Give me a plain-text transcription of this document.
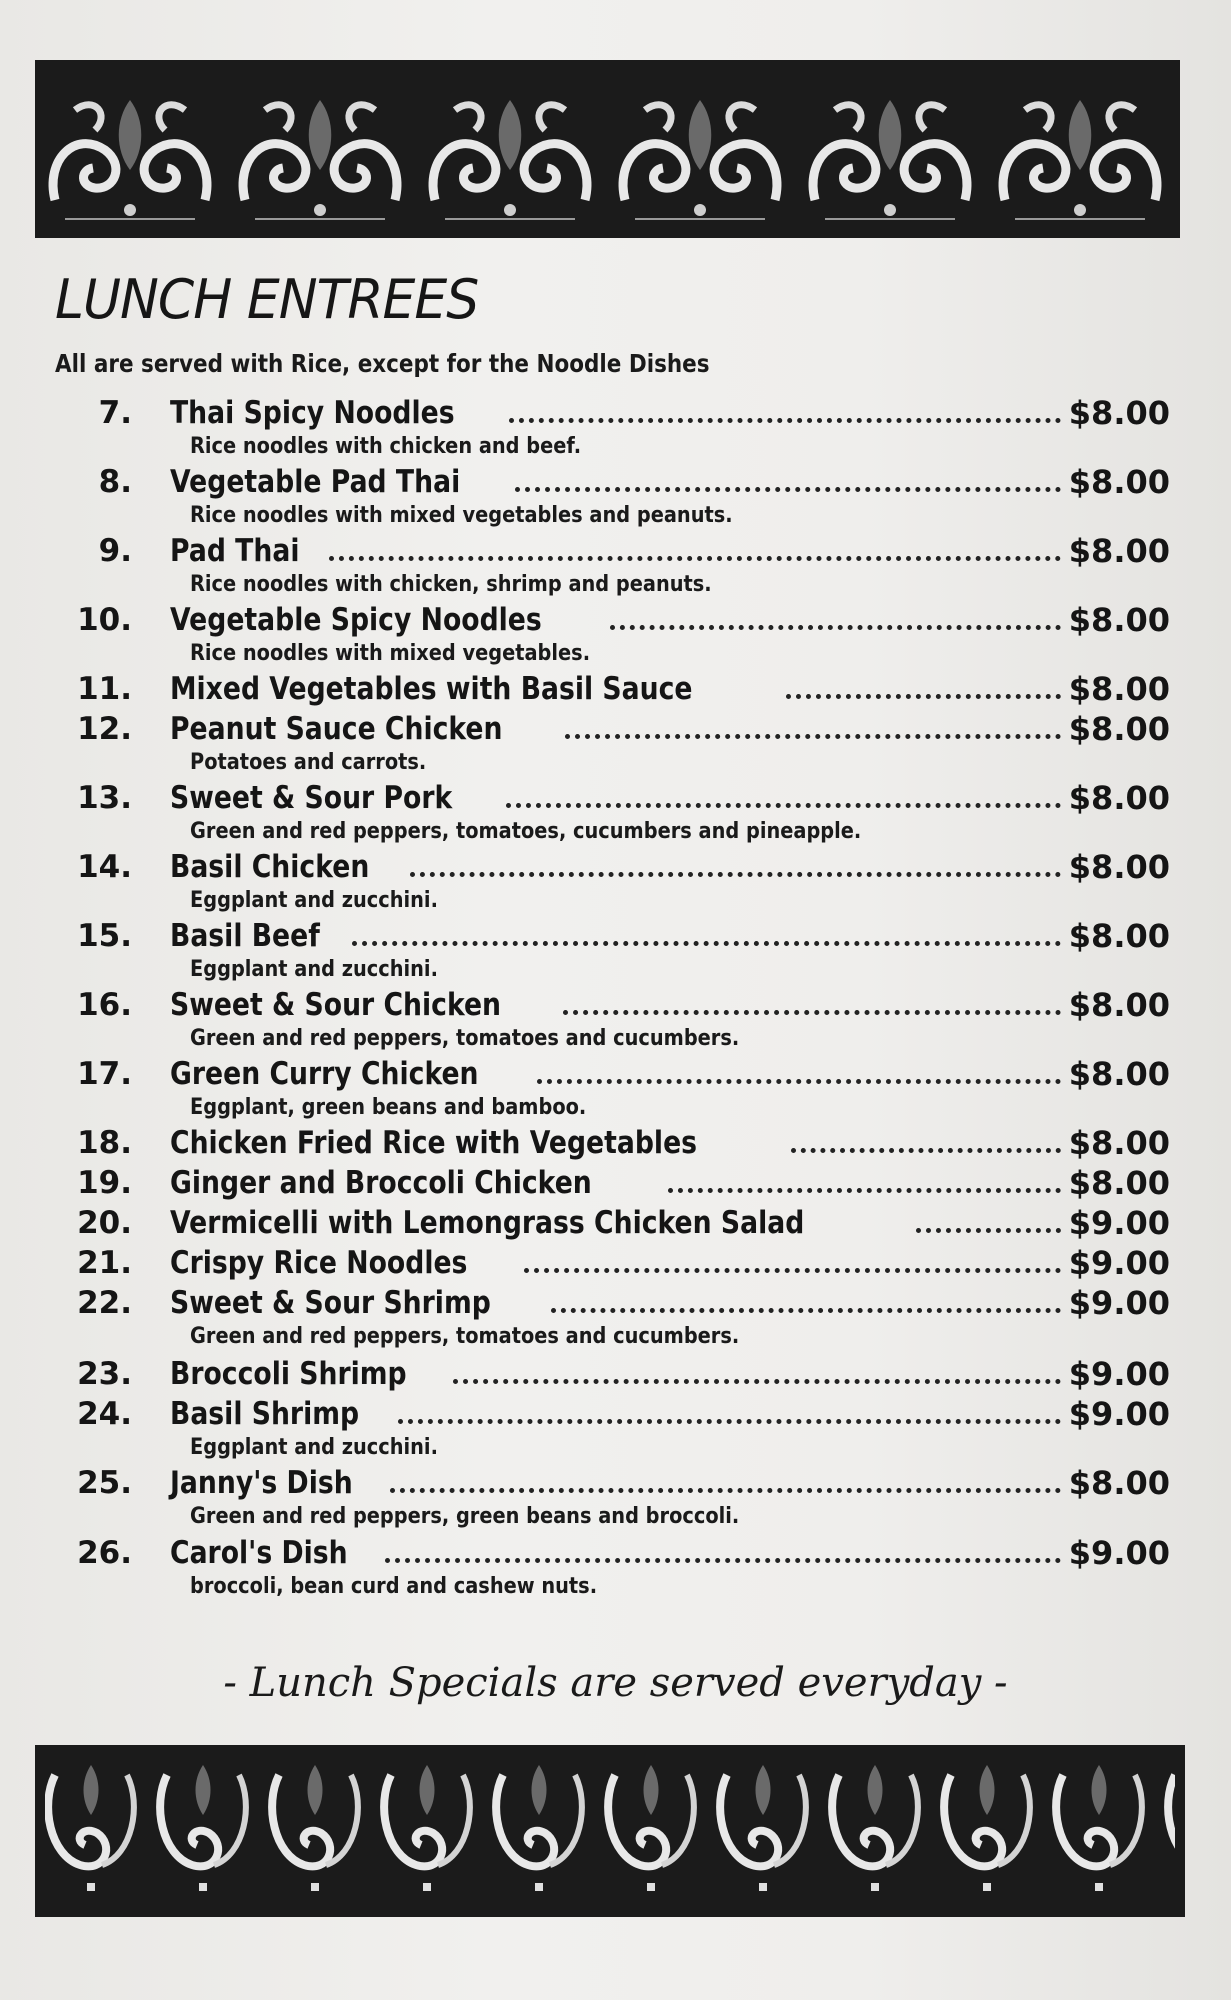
LUNCH ENTREES
All are served with Rice, except for the Noodle Dishes
7. Thai Spicy Noodles	$8.00
Rice noodles with chicken and beef.
8. Vegetable Pad Thai	$8.00
Rice noodles with mixed vegetables and peanuts.
9. Pad Thai	$8.00
Rice noodles with chicken, shrimp and peanuts.
10. Vegetable Spicy Noodles	$8.00
Rice noodles with mixed vegetables.
11. Mixed Vegetables with Basil Sauce	$8.00
12. Peanut Sauce Chicken	$8.00
Potatoes and carrots.
13. Sweet & Sour Pork	$8.00
Green and red peppers, tomatoes, cucumbers and pineapple.
14. Basil Chicken	$8.00
Eggplant and zucchini.
15. Basil Beef	$8.00
Eggplant and zucchini.
16. Sweet & Sour Chicken	$8.00
Green and red peppers, tomatoes and cucumbers.
17. Green Curry Chicken	$8.00
Eggplant, green beans and bamboo.
18. Chicken Fried Rice with Vegetables	$8.00
19. Ginger and Broccoli Chicken	$8.00
20. Vermicelli with Lemongrass Chicken Salad	$9.00
21. Crispy Rice Noodles	$9.00
22. Sweet & Sour Shrimp	$9.00
Green and red peppers, tomatoes and cucumbers.
23. Broccoli Shrimp	$9.00
24. Basil Shrimp	$9.00
Eggplant and zucchini.
25. Janny's Dish	$8.00
Green and red peppers, green beans and broccoli.
26. Carol's Dish	$9.00
broccoli, bean curd and cashew nuts.
- Lunch Specials are served everyday -
